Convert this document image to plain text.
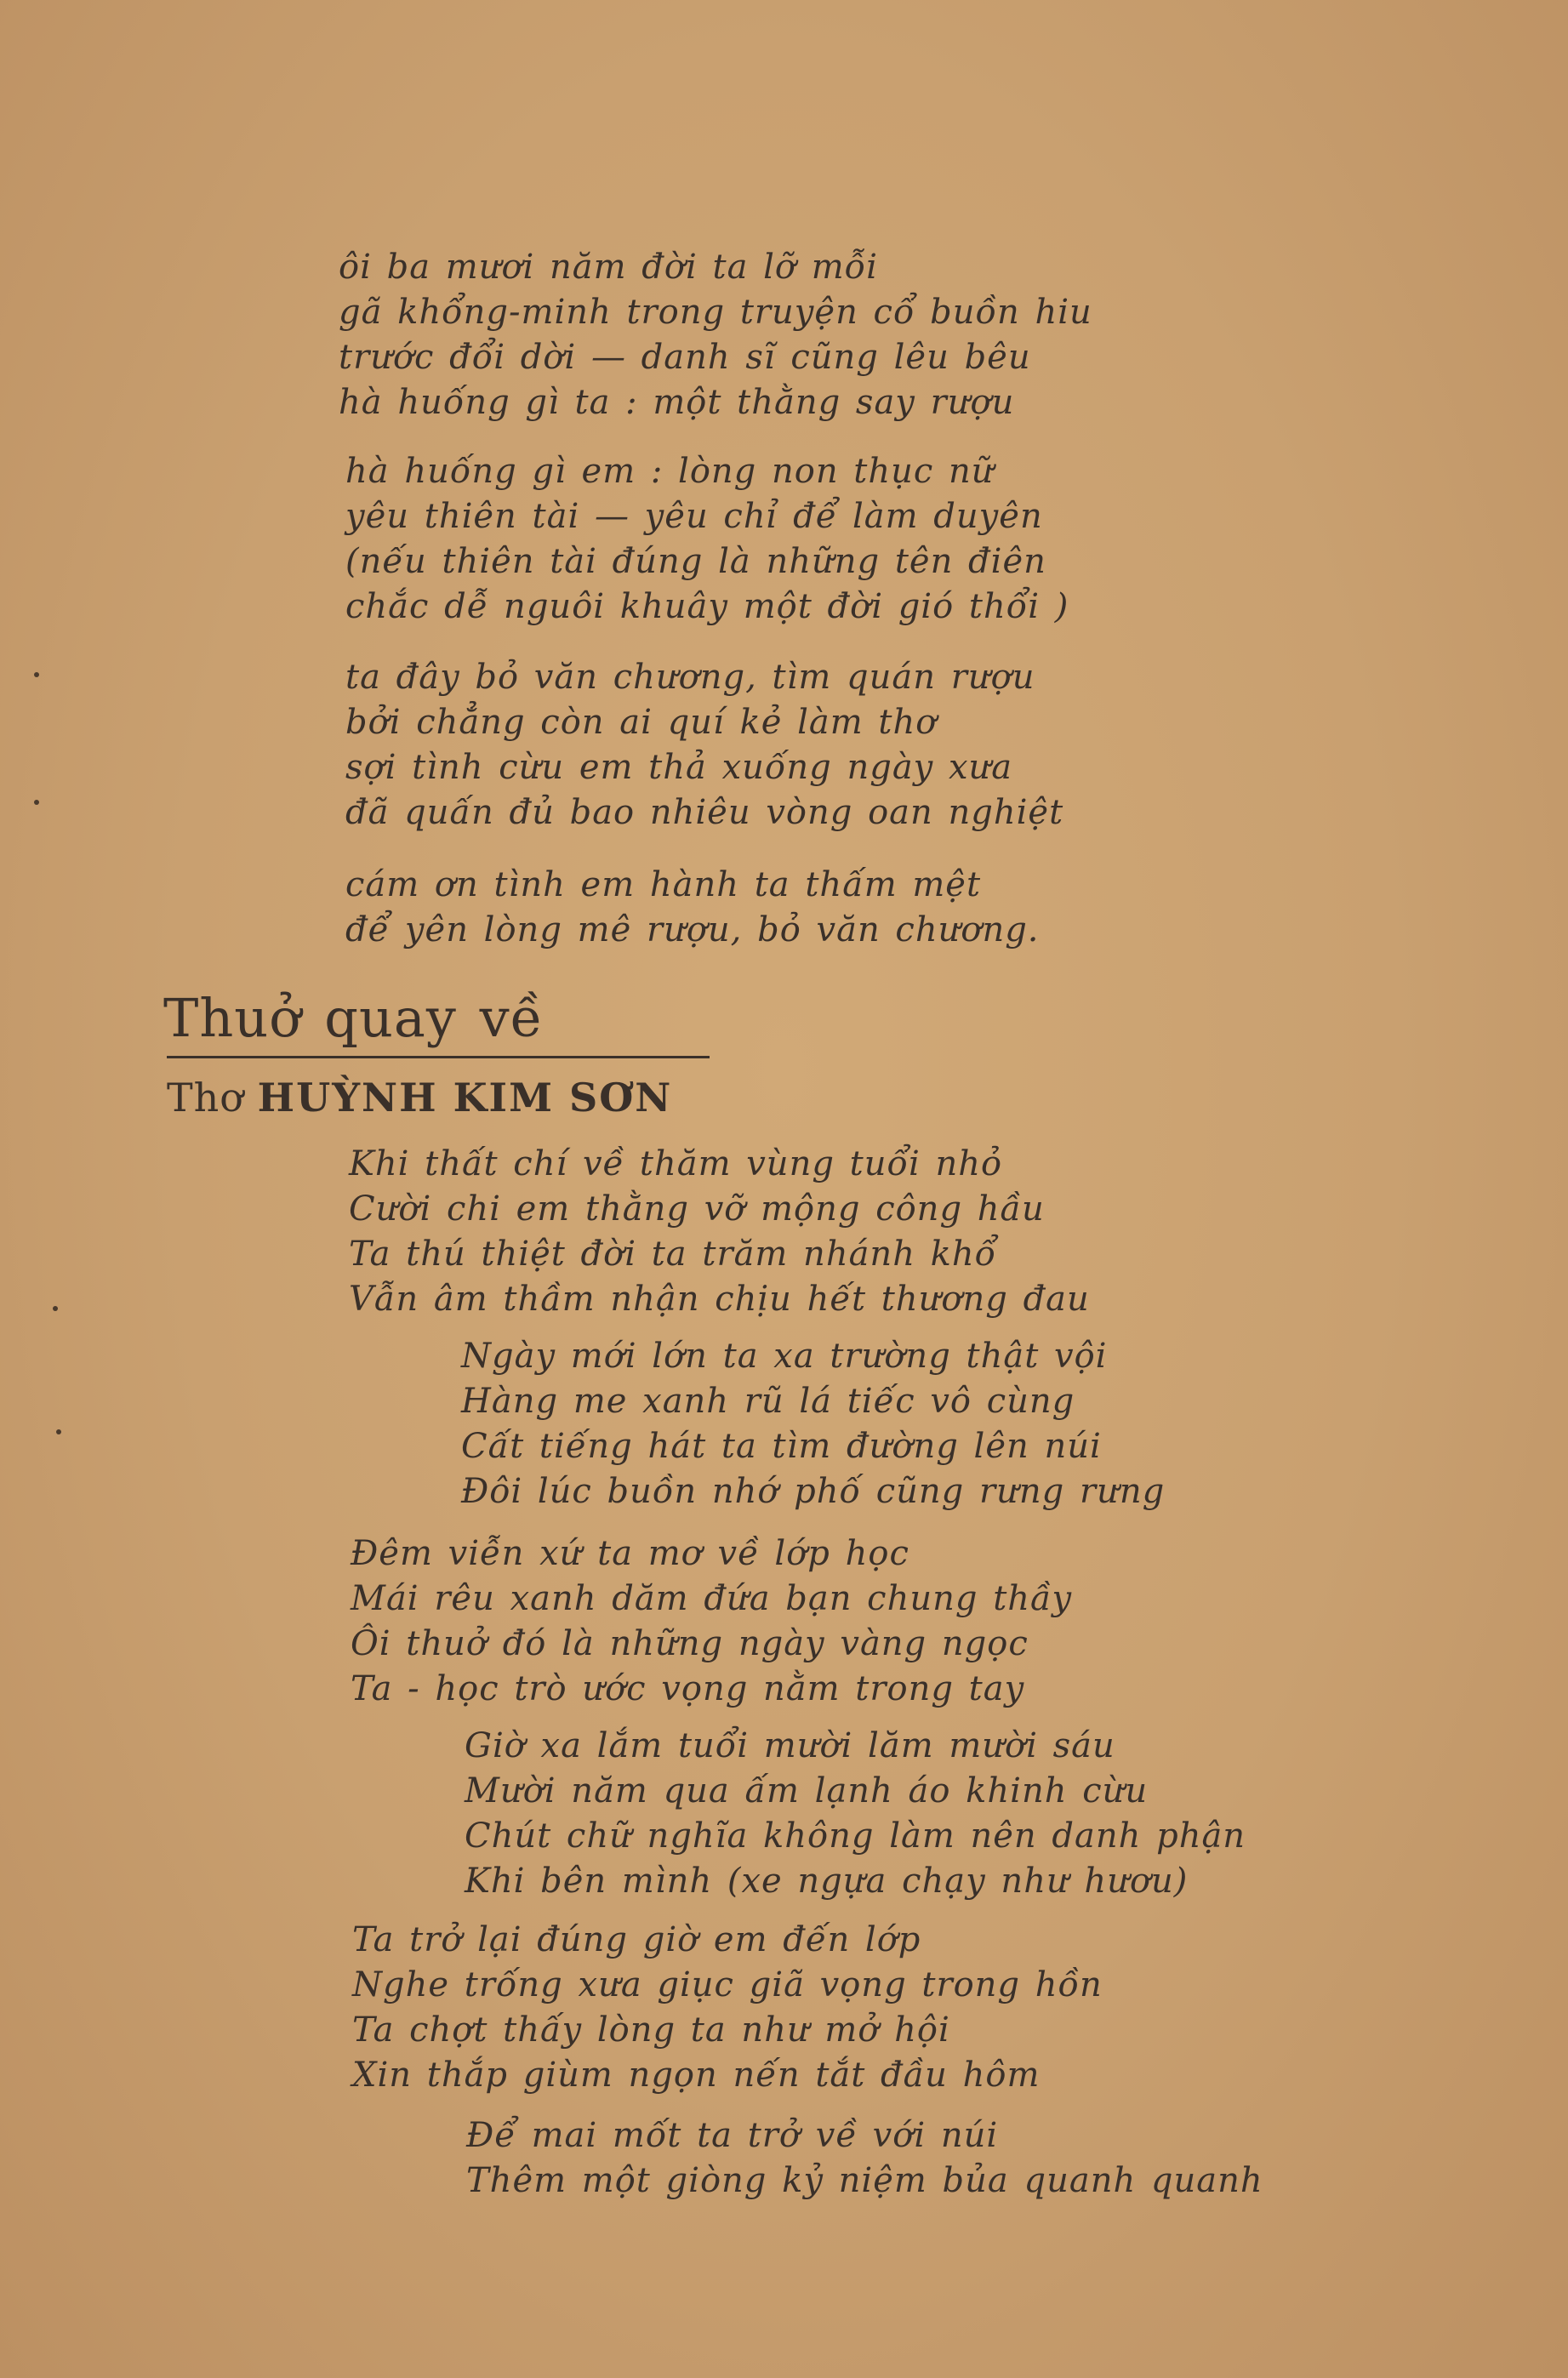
ôi ba mươi năm đời ta lỡ mỗi
gã khổng-minh trong truyện cổ buồn hiu
trước đổi dời — danh sĩ cũng lêu bêu
hà huống gì ta : một thằng say rượu
hà huống gì em : lòng non thục nữ
yêu thiên tài — yêu chỉ để làm duyên
(nếu thiên tài đúng là những tên điên
chắc dễ nguôi khuây một đời gió thổi )
ta đây bỏ văn chương, tìm quán rượu
bởi chẳng còn ai quí kẻ làm thơ
sợi tình cừu em thả xuống ngày xưa
đã quấn đủ bao nhiêu vòng oan nghiệt
cám ơn tình em hành ta thấm mệt
để yên lòng mê rượu, bỏ văn chương.
Thuở quay về
Thơ HUỲNH KIM SƠN
Khi thất chí về thăm vùng tuổi nhỏ
Cười chi em thằng vỡ mộng công hầu
Ta thú thiệt đời ta trăm nhánh khổ
Vẫn âm thầm nhận chịu hết thương đau
Ngày mới lớn ta xa trường thật vội
Hàng me xanh rũ lá tiếc vô cùng
Cất tiếng hát ta tìm đường lên núi
Đôi lúc buồn nhớ phố cũng rưng rưng
Đêm viễn xứ ta mơ về lớp học
Mái rêu xanh dăm đứa bạn chung thầy
Ôi thuở đó là những ngày vàng ngọc
Ta - học trò ước vọng nằm trong tay
Giờ xa lắm tuổi mười lăm mười sáu
Mười năm qua ấm lạnh áo khinh cừu
Chút chữ nghĩa không làm nên danh phận
Khi bên mình (xe ngựa chạy như hươu)
Ta trở lại đúng giờ em đến lớp
Nghe trống xưa giục giã vọng trong hồn
Ta chợt thấy lòng ta như mở hội
Xin thắp giùm ngọn nến tắt đầu hôm
Để mai mốt ta trở về với núi
Thêm một giòng kỷ niệm bủa quanh quanh
